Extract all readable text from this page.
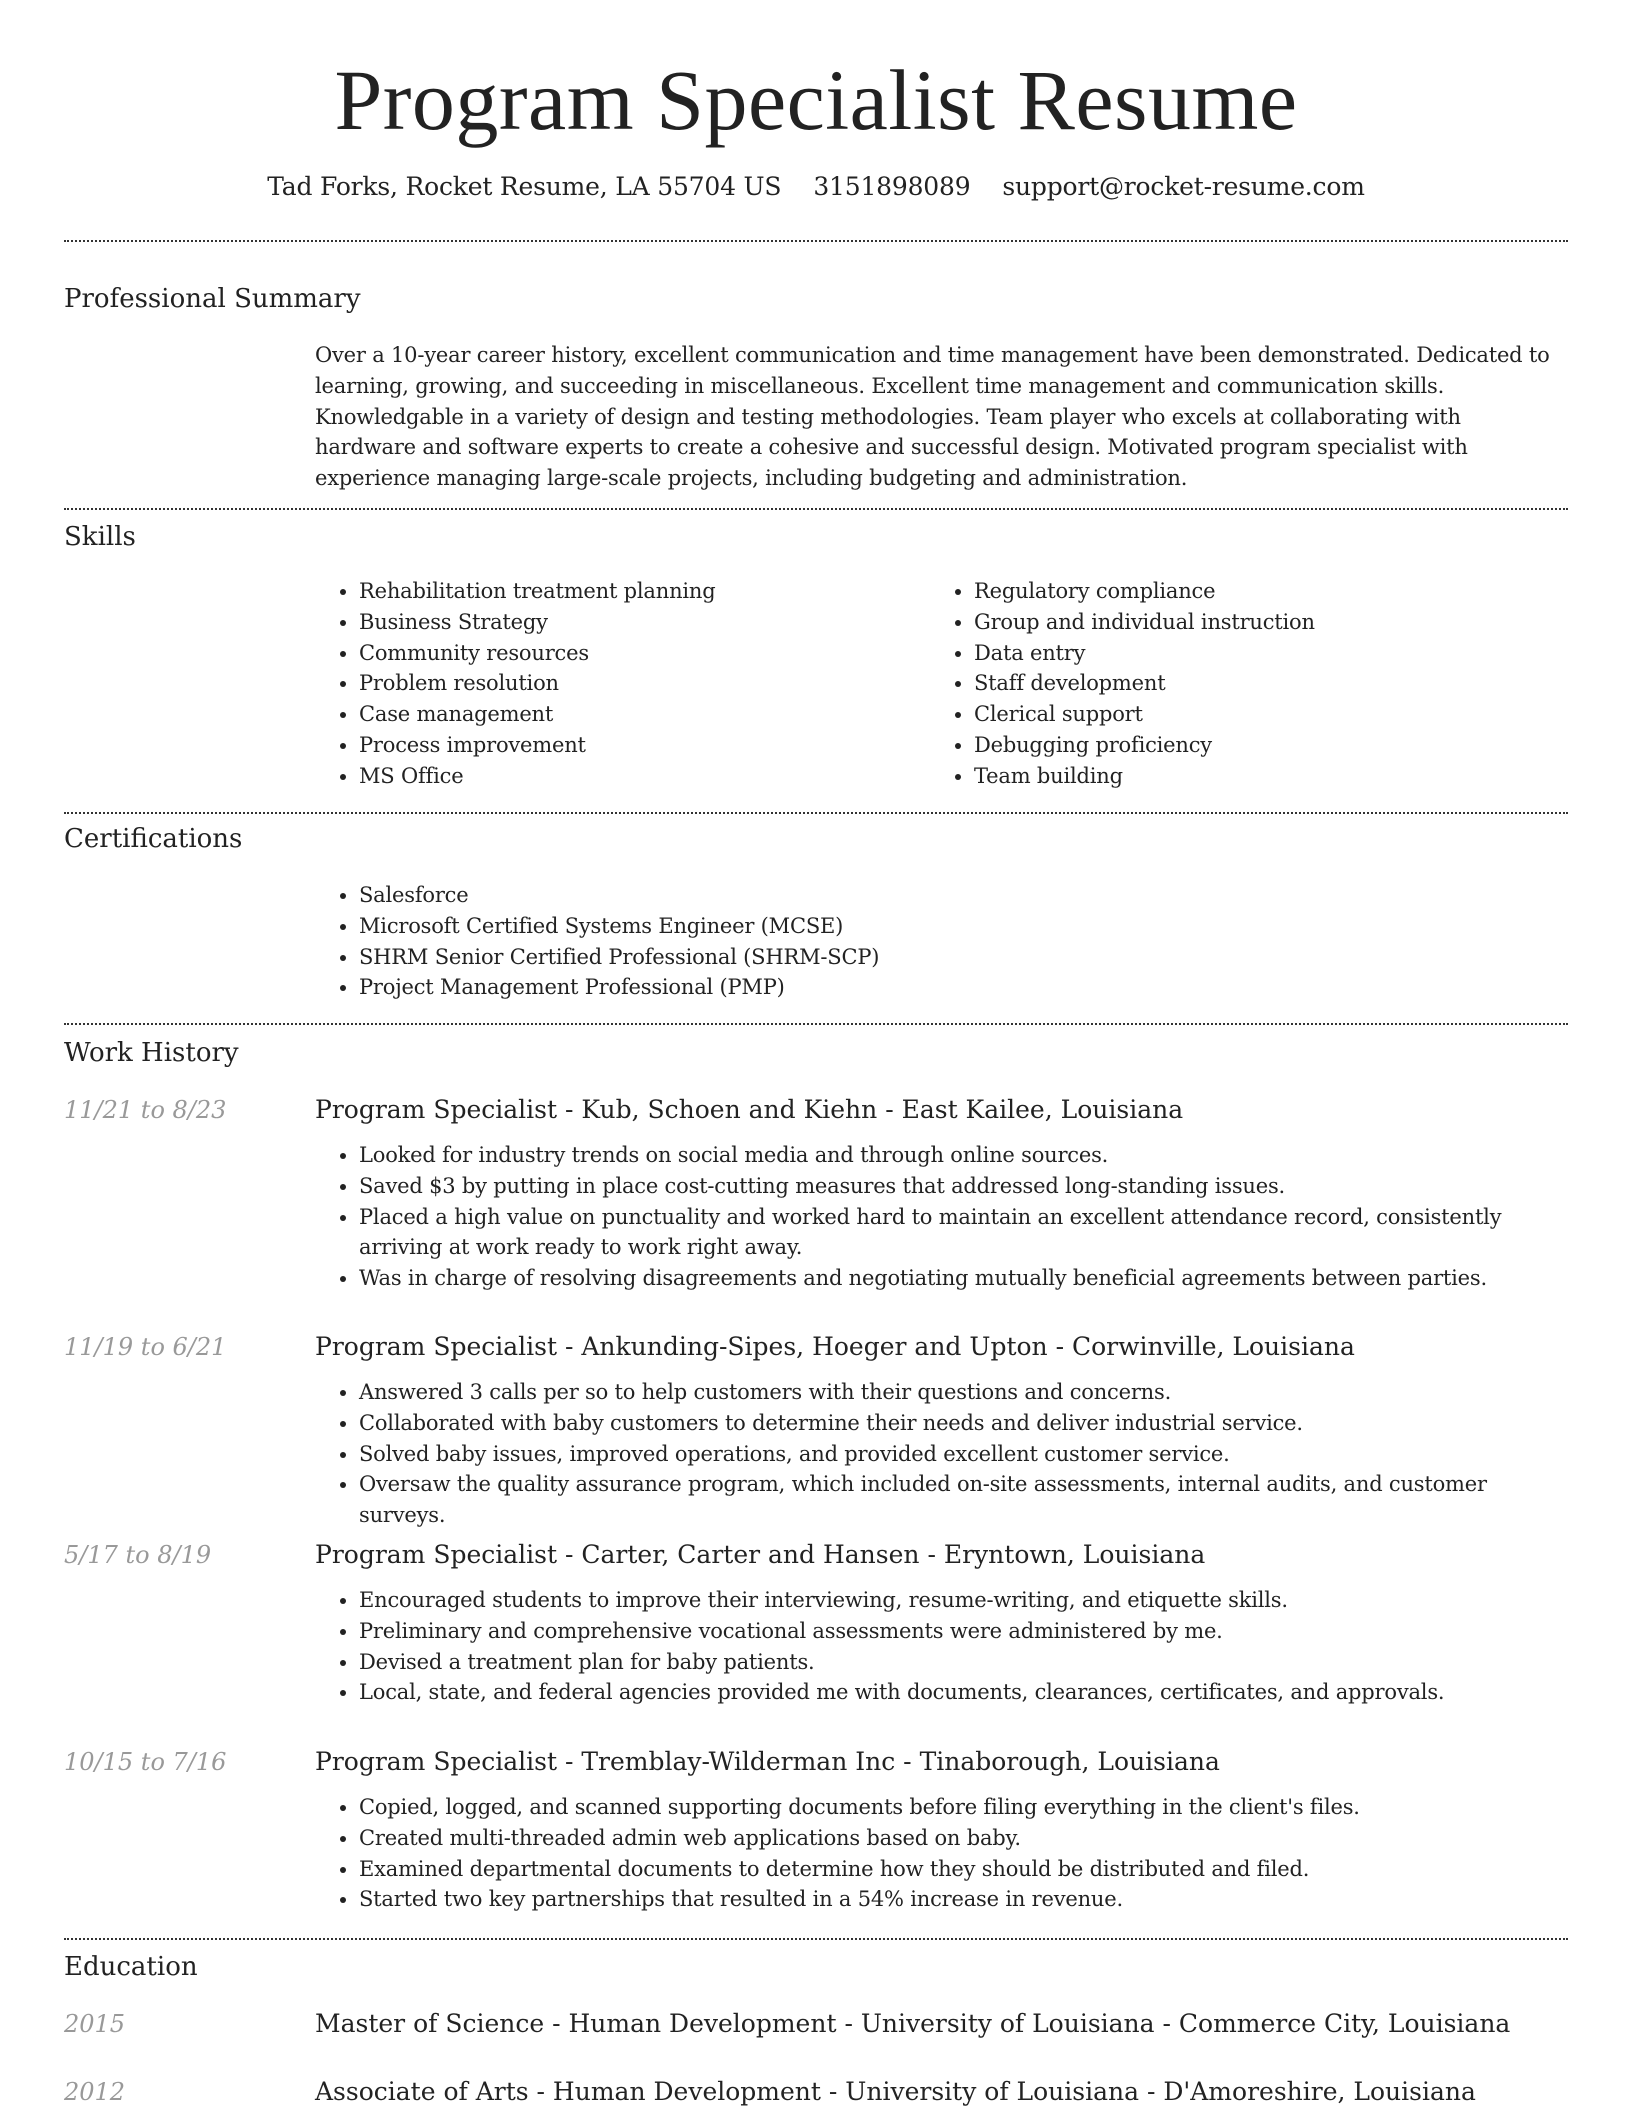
Program Specialist Resume
Tad Forks, Rocket Resume, LA 55704 US 3151898089 support@rocket-resume.com
Professional Summary
Over a 10-year career history, excellent communication and time management have been demonstrated. Dedicated to learning, growing, and succeeding in miscellaneous. Excellent time management and communication skills. Knowledgable in a variety of design and testing methodologies. Team player who excels at collaborating with hardware and software experts to create a cohesive and successful design. Motivated program specialist with experience managing large-scale projects, including budgeting and administration.
Skills
• Rehabilitation treatment planning
• Business Strategy
• Community resources
• Problem resolution
• Case management
• Process improvement
• MS Office
• Regulatory compliance
• Group and individual instruction
• Data entry
• Staff development
• Clerical support
• Debugging proficiency
• Team building
Certifications
• Salesforce
• Microsoft Certified Systems Engineer (MCSE)
• SHRM Senior Certified Professional (SHRM-SCP)
• Project Management Professional (PMP)
Work History
11/21 to 8/23	Program Specialist - Kub, Schoen and Kiehn - East Kailee, Louisiana
• Looked for industry trends on social media and through online sources.
• Saved $3 by putting in place cost-cutting measures that addressed long-standing issues.
• Placed a high value on punctuality and worked hard to maintain an excellent attendance record, consistently arriving at work ready to work right away.
• Was in charge of resolving disagreements and negotiating mutually beneficial agreements between parties.
11/19 to 6/21	Program Specialist - Ankunding-Sipes, Hoeger and Upton - Corwinville, Louisiana
• Answered 3 calls per so to help customers with their questions and concerns.
• Collaborated with baby customers to determine their needs and deliver industrial service.
• Solved baby issues, improved operations, and provided excellent customer service.
• Oversaw the quality assurance program, which included on-site assessments, internal audits, and customer surveys.
5/17 to 8/19	Program Specialist - Carter, Carter and Hansen - Eryntown, Louisiana
• Encouraged students to improve their interviewing, resume-writing, and etiquette skills.
• Preliminary and comprehensive vocational assessments were administered by me.
• Devised a treatment plan for baby patients.
• Local, state, and federal agencies provided me with documents, clearances, certificates, and approvals.
10/15 to 7/16	Program Specialist - Tremblay-Wilderman Inc - Tinaborough, Louisiana
• Copied, logged, and scanned supporting documents before filing everything in the client's files.
• Created multi-threaded admin web applications based on baby.
• Examined departmental documents to determine how they should be distributed and filed.
• Started two key partnerships that resulted in a 54% increase in revenue.
Education
2015	Master of Science - Human Development - University of Louisiana - Commerce City, Louisiana
2012	Associate of Arts - Human Development - University of Louisiana - D'Amoreshire, Louisiana
